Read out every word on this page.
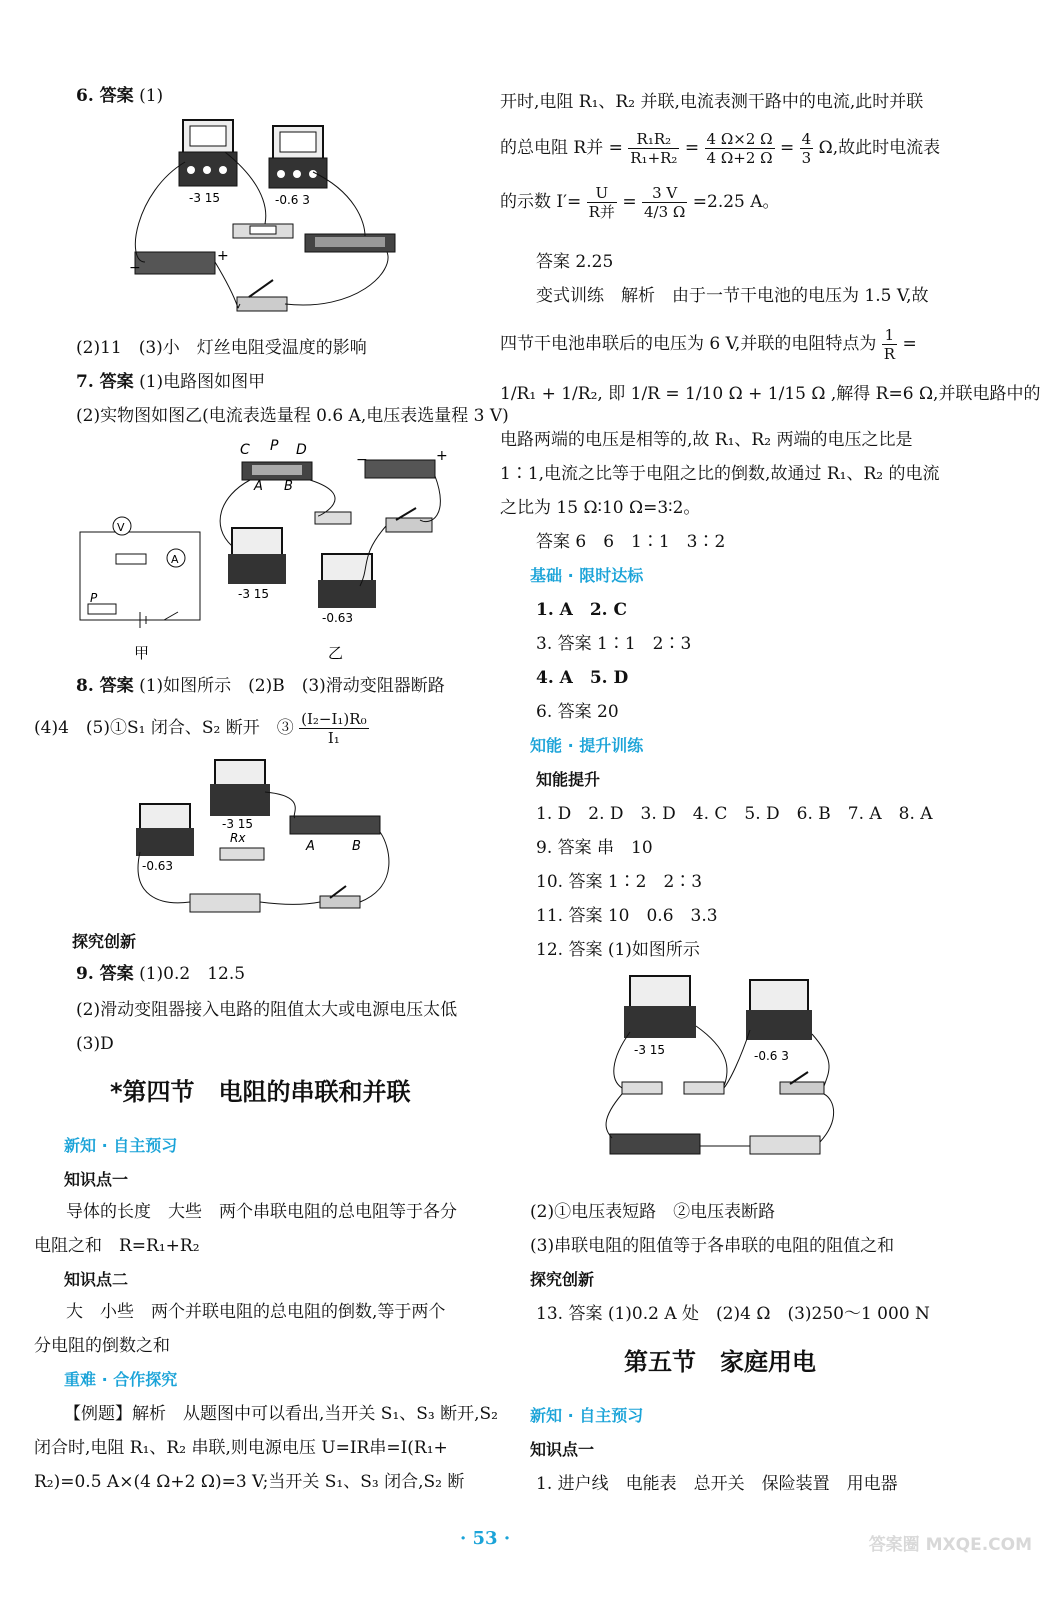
6. 答案 (1)
-3 15	-0.6 3
−
+
(2)11　(3)小　灯丝电阻受温度的影响
7. 答案 (1)电路图如图甲
(2)实物图如图乙(电流表选量程 0.6 A,电压表选量程 3 V)
C P D
A B
−	+
-3 15
-0.63
V
A
P
甲	乙
8. 答案 (1)如图所示　(2)B　(3)滑动变阻器断路
(4)4　(5)①S₁ 闭合、S₂ 断开　③ $\frac{\text{(I₂−I₁)R₀}}{\text{I₁}}$
-3 15
-0.63
Rx
A	B
探究创新
9. 答案 (1)0.2　12.5
(2)滑动变阻器接入电路的阻值太大或电源电压太低
(3)D
*第四节　电阻的串联和并联
新知 · 自主预习
知识点一
导体的长度　大些　两个串联电阻的总电阻等于各分
电阻之和　R=R₁+R₂
知识点二
大　小些　两个并联电阻的总电阻的倒数,等于两个
分电阻的倒数之和
重难 · 合作探究
【例题】解析　从题图中可以看出,当开关 S₁、S₃ 断开,S₂
闭合时,电阻 R₁、R₂ 串联,则电源电压 U=IR串=I(R₁+
R₂)=0.5 A×(4 Ω+2 Ω)=3 V;当开关 S₁、S₃ 闭合,S₂ 断
开时,电阻 R₁、R₂ 并联,电流表测干路中的电流,此时并联
的总电阻 R并 = $\frac{\text{R₁R₂}}{\text{R₁+R₂}} = \frac{4 \Omega\times 2 \Omega}{4 \Omega+2 \Omega} = \frac{4}{3} \Omega$,故此时电流表
的示数 $I'= \frac{U}{\text{R并}} = \frac{3 V}{4/3 \Omega} =2.25$ A。
答案 2.25
变式训练　解析　由于一节干电池的电压为 1.5 V,故
四节干电池串联后的电压为 6 V,并联的电阻特点为 $\frac{1}{R}$ =
1/R₁ + 1/R₂, 即 1/R = 1/10 Ω + 1/15 Ω ,解得 R=6 Ω,并联电路中的
电路两端的电压是相等的,故 R₁、R₂ 两端的电压之比是
1∶1,电流之比等于电阻之比的倒数,故通过 R₁、R₂ 的电流
之比为 15 Ω∶10 Ω=3∶2。
答案 6　6　1∶1　3∶2
基础 · 限时达标
1. A　2. C
3. 答案 1∶1　2∶3
4. A　5. D
6. 答案 20
知能 · 提升训练
知能提升
1. D　2. D　3. D　4. C　5. D　6. B　7. A　8. A
9. 答案 串　10
10. 答案 1∶2　2∶3
11. 答案 10　0.6　3.3
12. 答案 (1)如图所示
-3 15	-0.6 3
(2)①电压表短路　②电压表断路
(3)串联电阻的阻值等于各串联的电阻的阻值之和
探究创新
13. 答案 (1)0.2 A 处　(2)4 Ω　(3)250～1 000 N
第五节　家庭用电
新知 · 自主预习
知识点一
1. 进户线　电能表　总开关　保险装置　用电器
· 53 ·	答案圈 MXQE.COM
